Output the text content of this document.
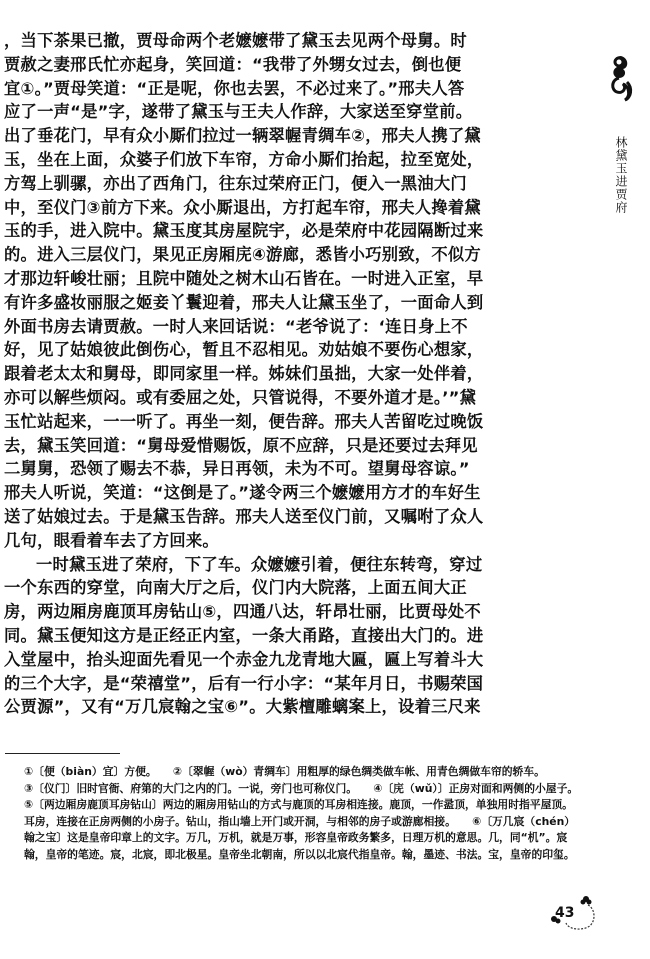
，当下茶果已撤，贾母命两个老嬷嬷带了黛玉去见两个母舅。时
贾赦之妻邢氏忙亦起身，笑回道：“我带了外甥女过去，倒也便
宜①。”贾母笑道：“正是呢，你也去罢，不必过来了。”邢夫人答
应了一声“是”字，遂带了黛玉与王夫人作辞，大家送至穿堂前。
出了垂花门，早有众小厮们拉过一辆翠幄青绸车②，邢夫人携了黛
玉，坐在上面，众婆子们放下车帘，方命小厮们抬起，拉至宽处，
方驾上驯骡，亦出了西角门，往东过荣府正门，便入一黑油大门
中，至仪门③前方下来。众小厮退出，方打起车帘，邢夫人搀着黛
玉的手，进入院中。黛玉度其房屋院宇，必是荣府中花园隔断过来
的。进入三层仪门，果见正房厢庑④游廊，悉皆小巧别致，不似方
才那边轩峻壮丽；且院中随处之树木山石皆在。一时进入正室，早
有许多盛妆丽服之姬妾丫鬟迎着，邢夫人让黛玉坐了，一面命人到
外面书房去请贾赦。一时人来回话说：“老爷说了：‘连日身上不
好，见了姑娘彼此倒伤心，暂且不忍相见。劝姑娘不要伤心想家，
跟着老太太和舅母，即同家里一样。姊妹们虽拙，大家一处伴着，
亦可以解些烦闷。或有委屈之处，只管说得，不要外道才是。’”黛
玉忙站起来，一一听了。再坐一刻，便告辞。邢夫人苦留吃过晚饭
去，黛玉笑回道：“舅母爱惜赐饭，原不应辞，只是还要过去拜见
二舅舅，恐领了赐去不恭，异日再领，未为不可。望舅母容谅。”
邢夫人听说，笑道：“这倒是了。”遂令两三个嬷嬷用方才的车好生
送了姑娘过去。于是黛玉告辞。邢夫人送至仪门前，又嘱咐了众人
几句，眼看着车去了方回来。
一时黛玉进了荣府，下了车。众嬷嬷引着，便往东转弯，穿过
一个东西的穿堂，向南大厅之后，仪门内大院落，上面五间大正
房，两边厢房鹿顶耳房钻山⑤，四通八达，轩昂壮丽，比贾母处不
同。黛玉便知这方是正经正内室，一条大甬路，直接出大门的。进
入堂屋中，抬头迎面先看见一个赤金九龙青地大匾，匾上写着斗大
的三个大字，是“荣禧堂”，后有一行小字：“某年月日，书赐荣国
公贾源”，又有“万几宸翰之宝⑥”。大紫檀雕螭案上，设着三尺来
林黛玉进贾府
①〔便（biàn）宜〕方便。　　②〔翠幄（wò）青绸车〕用粗厚的绿色绸类做车帐、用青色绸做车帘的轿车。
③〔仪门〕旧时官衙、府第的大门之内的门。一说，旁门也可称仪门。　　④〔庑（wǔ）〕正房对面和两侧的小屋子。
⑤〔两边厢房鹿顶耳房钻山〕两边的厢房用钻山的方式与鹿顶的耳房相连接。鹿顶，一作盝顶，单独用时指平屋顶。
耳房，连接在正房两侧的小房子。钻山，指山墙上开门或开洞，与相邻的房子或游廊相接。　　⑥〔万几宸（chén）
翰之宝〕这是皇帝印章上的文字。万几，万机，就是万事，形容皇帝政务繁多，日理万机的意思。几，同“机”。宸
翰，皇帝的笔迹。宸，北宸，即北极星。皇帝坐北朝南，所以以北宸代指皇帝。翰，墨迹、书法。宝，皇帝的印玺。
43
